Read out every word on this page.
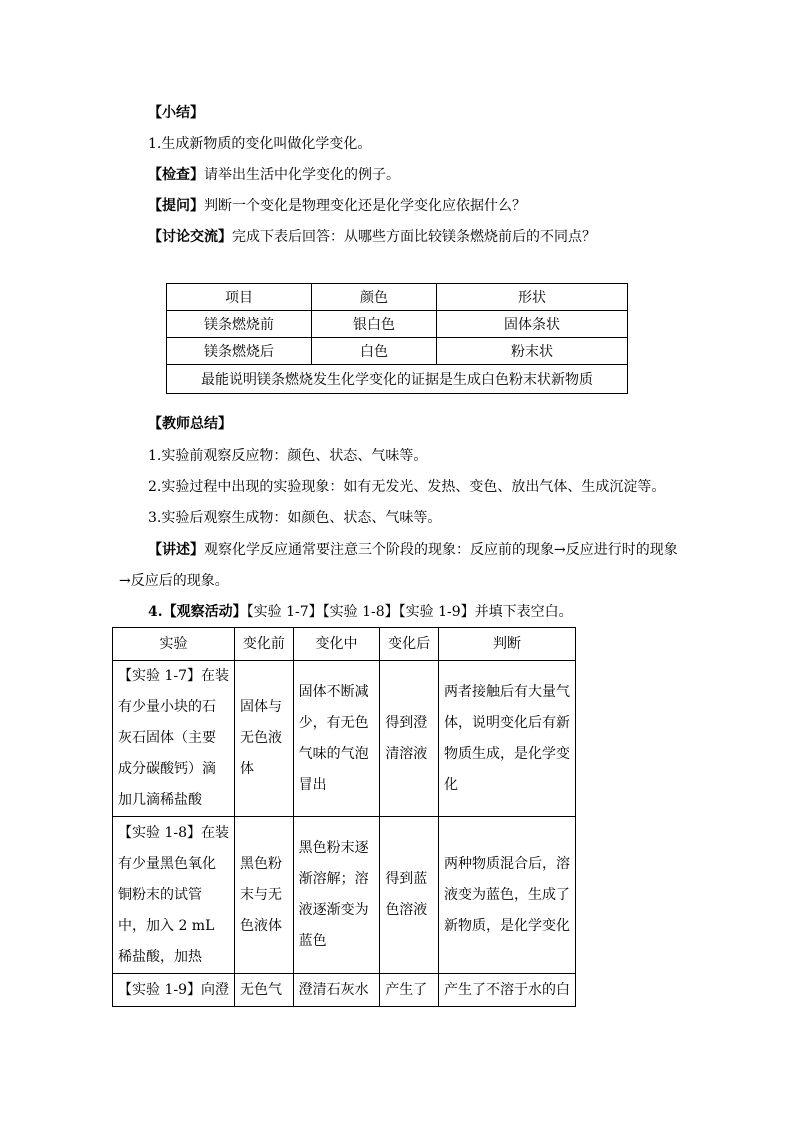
【小结】
1.生成新物质的变化叫做化学变化。
【检查】请举出生活中化学变化的例子。
【提问】判断一个变化是物理变化还是化学变化应依据什么？
【讨论交流】完成下表后回答：从哪些方面比较镁条燃烧前后的不同点？
项目	颜色	形状
镁条燃烧前	银白色	固体条状
镁条燃烧后	白色	粉末状
最能说明镁条燃烧发生化学变化的证据是生成白色粉末状新物质		
【教师总结】
1.实验前观察反应物：颜色、状态、气味等。
2.实验过程中出现的实验现象：如有无发光、发热、变色、放出气体、生成沉淀等。
3.实验后观察生成物：如颜色、状态、气味等。
【讲述】观察化学反应通常要注意三个阶段的现象：反应前的现象→反应进行时的现象
→反应后的现象。
4.【观察活动】【实验 1-7】【实验 1-8】【实验 1-9】并填下表空白。
实验	变化前	变化中	变化后	判断
【实验 1-7】在装有少量小块的石灰石固体（主要成分碳酸钙）滴加几滴稀盐酸	固体与无色液体	固体不断减少，有无色气味的气泡冒出	得到澄清溶液	两者接触后有大量气体，说明变化后有新物质生成，是化学变化
【实验 1-8】在装有少量黑色氧化铜粉末的试管中，加入 2 mL 稀盐酸，加热	黑色粉末与无色液体	黑色粉末逐渐溶解；溶液逐渐变为蓝色	得到蓝色溶液	两种物质混合后，溶液变为蓝色，生成了新物质，是化学变化
【实验 1-9】向澄	无色气	澄清石灰水	产生了	产生了不溶于水的白
